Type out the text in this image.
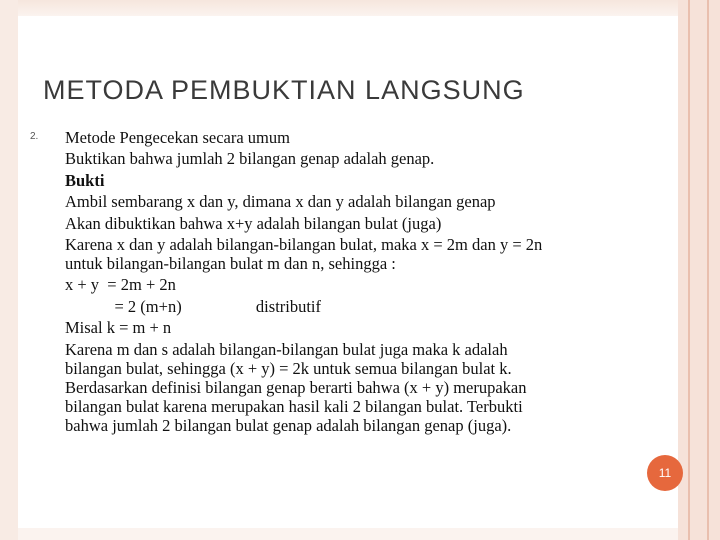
METODA PEMBUKTIAN LANGSUNG
2. Metode Pengecekan secara umum
Buktikan bahwa jumlah 2 bilangan genap adalah genap.
Bukti
Ambil sembarang x dan y, dimana x dan y adalah bilangan genap
Akan dibuktikan bahwa x+y adalah bilangan bulat (juga)
Karena x dan y adalah bilangan-bilangan bulat, maka x = 2m dan y = 2n
untuk bilangan-bilangan bulat m dan n, sehingga :
x + y  = 2m + 2n
= 2 (m+n)                  distributif
Misal k = m + n
Karena m dan s adalah bilangan-bilangan bulat juga maka k adalah
bilangan bulat, sehingga (x + y) = 2k untuk semua bilangan bulat k.
Berdasarkan definisi bilangan genap berarti bahwa (x + y) merupakan
bilangan bulat karena merupakan hasil kali 2 bilangan bulat. Terbukti
bahwa jumlah 2 bilangan bulat genap adalah bilangan genap (juga).
11
